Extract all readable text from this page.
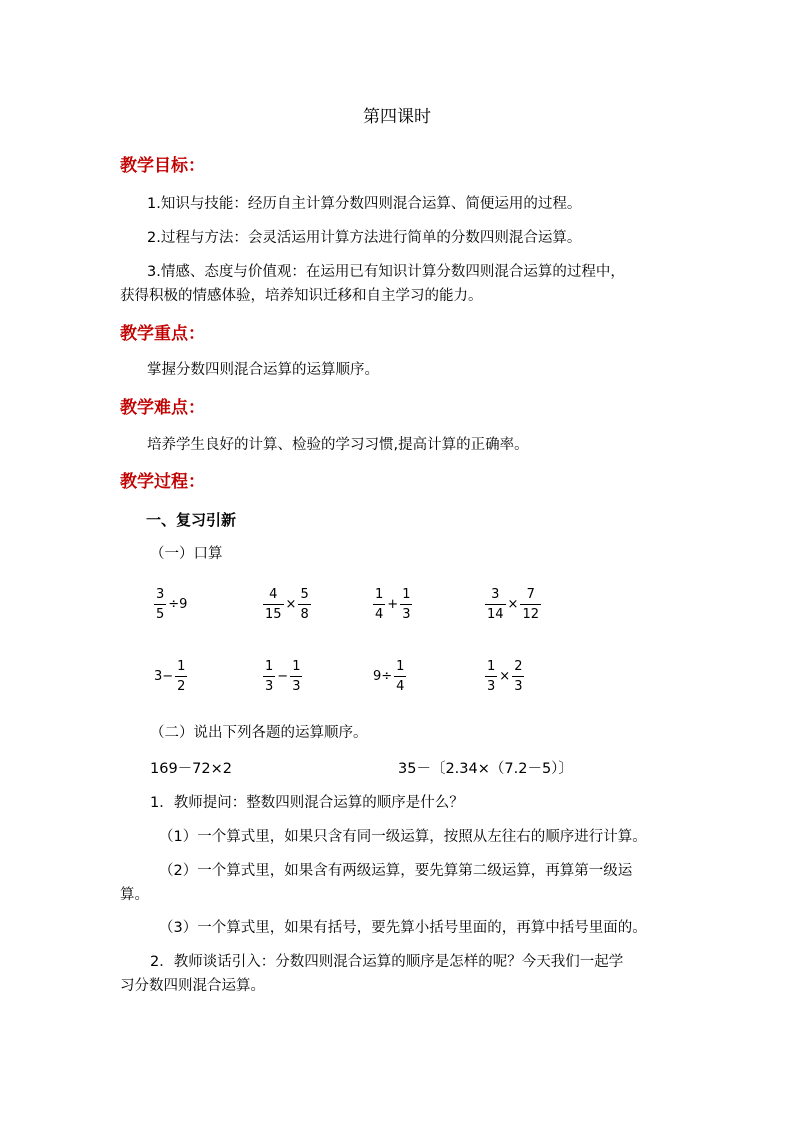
第四课时
教学目标：
1.知识与技能：经历自主计算分数四则混合运算、简便运用的过程。
2.过程与方法：会灵活运用计算方法进行简单的分数四则混合运算。
3.情感、态度与价值观：在运用已有知识计算分数四则混合运算的过程中，
获得积极的情感体验，培养知识迁移和自主学习的能力。
教学重点：
掌握分数四则混合运算的运算顺序。
教学难点：
培养学生良好的计算、检验的学习习惯,提高计算的正确率。
教学过程：
一、复习引新
（一）口算
$\frac{3}{5} \div 9$	$\frac{4}{15} \times \frac{5}{8}$	$\frac{1}{4} + \frac{1}{3}$	$\frac{3}{14} \times \frac{7}{12}$
$3- \frac{1}{2}$	$\frac{1}{3} - \frac{1}{3}$	$9\div \frac{1}{4}$	$\frac{1}{3} \times \frac{2}{3}$
（二）说出下列各题的运算顺序。
169－72×2	35－〔2.34×（7.2－5）〕
1．教师提问：整数四则混合运算的顺序是什么？
（1）一个算式里，如果只含有同一级运算，按照从左往右的顺序进行计算。
（2）一个算式里，如果含有两级运算，要先算第二级运算，再算第一级运
算。
（3）一个算式里，如果有括号，要先算小括号里面的，再算中括号里面的。
2．教师谈话引入：分数四则混合运算的顺序是怎样的呢？今天我们一起学
习分数四则混合运算。
